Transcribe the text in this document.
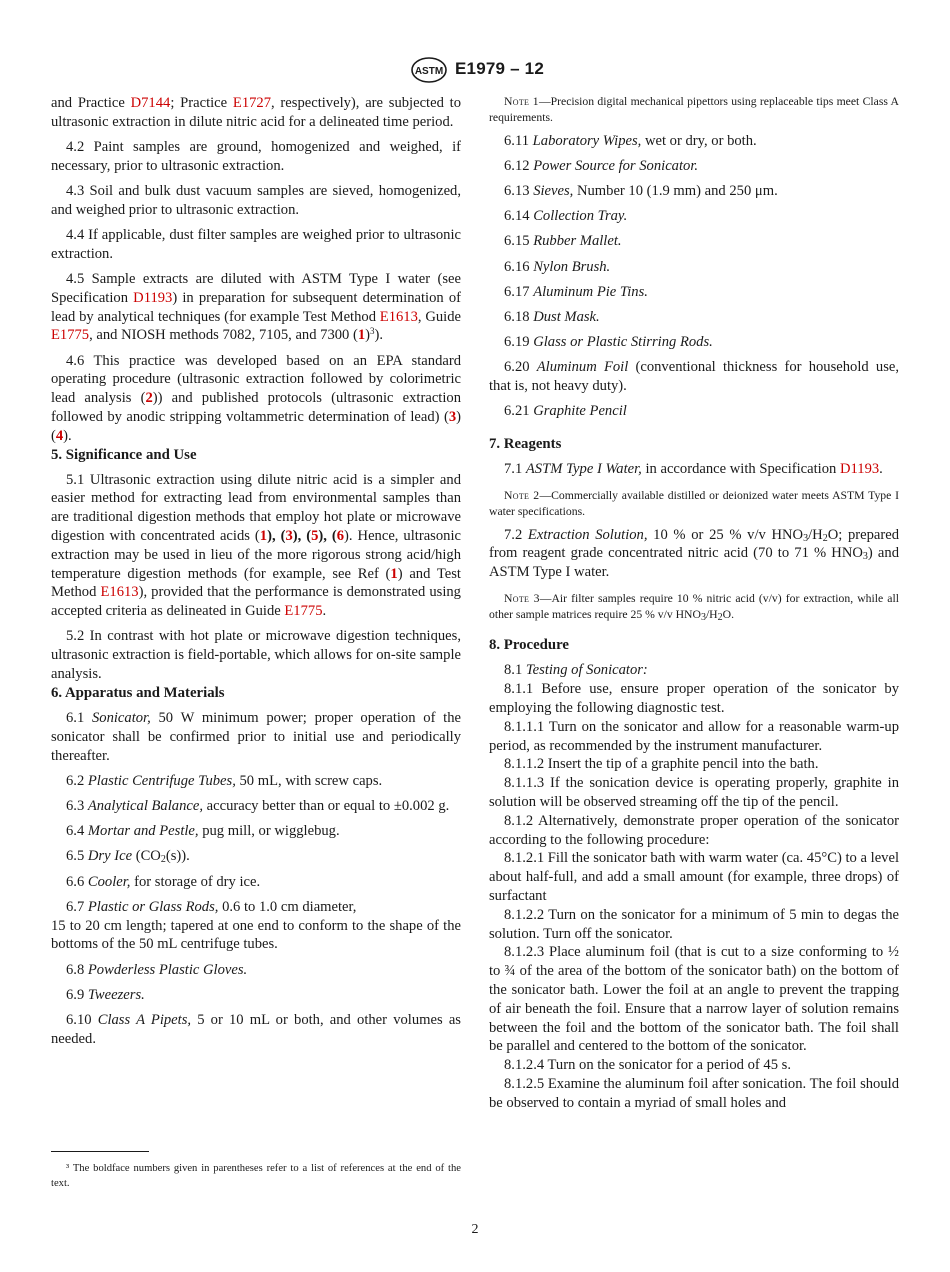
ASTM E1979 – 12

and Practice D7144; Practice E1727, respectively), are subjected to ultrasonic extraction in dilute nitric acid for a delineated time period.

4.2 Paint samples are ground, homogenized and weighed, if necessary, prior to ultrasonic extraction.

4.3 Soil and bulk dust vacuum samples are sieved, homogenized, and weighed prior to ultrasonic extraction.

4.4 If applicable, dust filter samples are weighed prior to ultrasonic extraction.

4.5 Sample extracts are diluted with ASTM Type I water (see Specification D1193) in preparation for subsequent determination of lead by analytical techniques (for example Test Method E1613, Guide E1775, and NIOSH methods 7082, 7105, and 7300 $(1)^3$).

4.6 This practice was developed based on an EPA standard operating procedure (ultrasonic extraction followed by colorimetric lead analysis (2)) and published protocols (ultrasonic extraction followed by anodic stripping voltammetric determination of lead) (3) (4).

5. Significance and Use

5.1 Ultrasonic extraction using dilute nitric acid is a simpler and easier method for extracting lead from environmental samples than are traditional digestion methods that employ hot plate or microwave digestion with concentrated acids (1), (3), (5), (6). Hence, ultrasonic extraction may be used in lieu of the more rigorous strong acid/high temperature digestion methods (for example, see Ref (1) and Test Method E1613), provided that the performance is demonstrated using accepted criteria as delineated in Guide E1775.

5.2 In contrast with hot plate or microwave digestion techniques, ultrasonic extraction is field-portable, which allows for on-site sample analysis.

6. Apparatus and Materials

6.1 Sonicator, 50 W minimum power; proper operation of the sonicator shall be confirmed prior to initial use and periodically thereafter.

6.2 Plastic Centrifuge Tubes, 50 mL, with screw caps.

6.3 Analytical Balance, accuracy better than or equal to ±0.002 g.

6.4 Mortar and Pestle, pug mill, or wigglebug.

6.5 Dry Ice $(CO_2(s))$.

6.6 Cooler, for storage of dry ice.

6.7 Plastic or Glass Rods, 0.6 to 1.0 cm diameter,

15 to 20 cm length; tapered at one end to conform to the shape of the bottoms of the 50 mL centrifuge tubes.

6.8 Powderless Plastic Gloves.

6.9 Tweezers.

6.10 Class A Pipets, 5 or 10 mL or both, and other volumes as needed.

³ The boldface numbers given in parentheses refer to a list of references at the end of the text.

Note 1—Precision digital mechanical pipettors using replaceable tips meet Class A requirements.

6.11 Laboratory Wipes, wet or dry, or both.

6.12 Power Source for Sonicator.

6.13 Sieves, Number 10 (1.9 mm) and 250 μm.

6.14 Collection Tray.

6.15 Rubber Mallet.

6.16 Nylon Brush.

6.17 Aluminum Pie Tins.

6.18 Dust Mask.

6.19 Glass or Plastic Stirring Rods.

6.20 Aluminum Foil (conventional thickness for household use, that is, not heavy duty).

6.21 Graphite Pencil

7. Reagents

7.1 ASTM Type I Water, in accordance with Specification D1193.

Note 2—Commercially available distilled or deionized water meets ASTM Type I water specifications.

7.2 Extraction Solution, 10 % or 25 % v/v $HNO_3/H_2O$; prepared from reagent grade concentrated nitric acid (70 to 71 % $HNO_3$) and ASTM Type I water.

Note 3—Air filter samples require 10 % nitric acid (v/v) for extraction, while all other sample matrices require 25 % v/v $HNO_3/H_2O$.

8. Procedure

8.1 Testing of Sonicator:

8.1.1 Before use, ensure proper operation of the sonicator by employing the following diagnostic test.

8.1.1.1 Turn on the sonicator and allow for a reasonable warm-up period, as recommended by the instrument manufacturer.

8.1.1.2 Insert the tip of a graphite pencil into the bath.

8.1.1.3 If the sonication device is operating properly, graphite in solution will be observed streaming off the tip of the pencil.

8.1.2 Alternatively, demonstrate proper operation of the sonicator according to the following procedure:

8.1.2.1 Fill the sonicator bath with warm water (ca. 45°C) to a level about half-full, and add a small amount (for example, three drops) of surfactant

8.1.2.2 Turn on the sonicator for a minimum of 5 min to degas the solution. Turn off the sonicator.

8.1.2.3 Place aluminum foil (that is cut to a size conforming to ½ to ¾ of the area of the bottom of the sonicator bath) on the bottom of the sonicator bath. Lower the foil at an angle to prevent the trapping of air beneath the foil. Ensure that a narrow layer of solution remains between the foil and the bottom of the sonicator bath. The foil shall be parallel and centered to the bottom of the sonicator.

8.1.2.4 Turn on the sonicator for a period of 45 s.

8.1.2.5 Examine the aluminum foil after sonication. The foil should be observed to contain a myriad of small holes and

2
